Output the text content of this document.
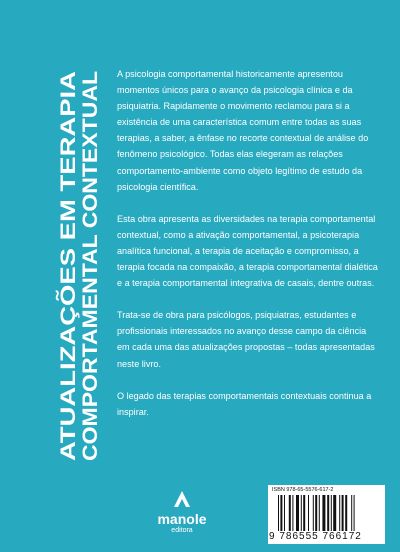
ATUALIZAÇÕES EM TERAPIA COMPORTAMENTAL CONTEXTUAL

A psicologia comportamental historicamente apresentou momentos únicos para o avanço da psicologia clínica e da psiquiatria. Rapidamente o movimento reclamou para si a existência de uma característica comum entre todas as suas terapias, a saber, a ênfase no recorte contextual de análise do fenômeno psicológico. Todas elas elegeram as relações comportamento-ambiente como objeto legítimo de estudo da psicologia científica.

Esta obra apresenta as diversidades na terapia comportamental contextual, como a ativação comportamental, a psicoterapia analítica funcional, a terapia de aceitação e compromisso, a terapia focada na compaixão, a terapia comportamental dialética e a terapia comportamental integrativa de casais, dentre outras.

Trata-se de obra para psicólogos, psiquiatras, estudantes e profissionais interessados no avanço desse campo da ciência em cada uma das atualizações propostas – todas apresentadas neste livro.

O legado das terapias comportamentais contextuais continua a inspirar.

manole
editora
ISBN 978-65-5576-617-2
9 786555 766172
